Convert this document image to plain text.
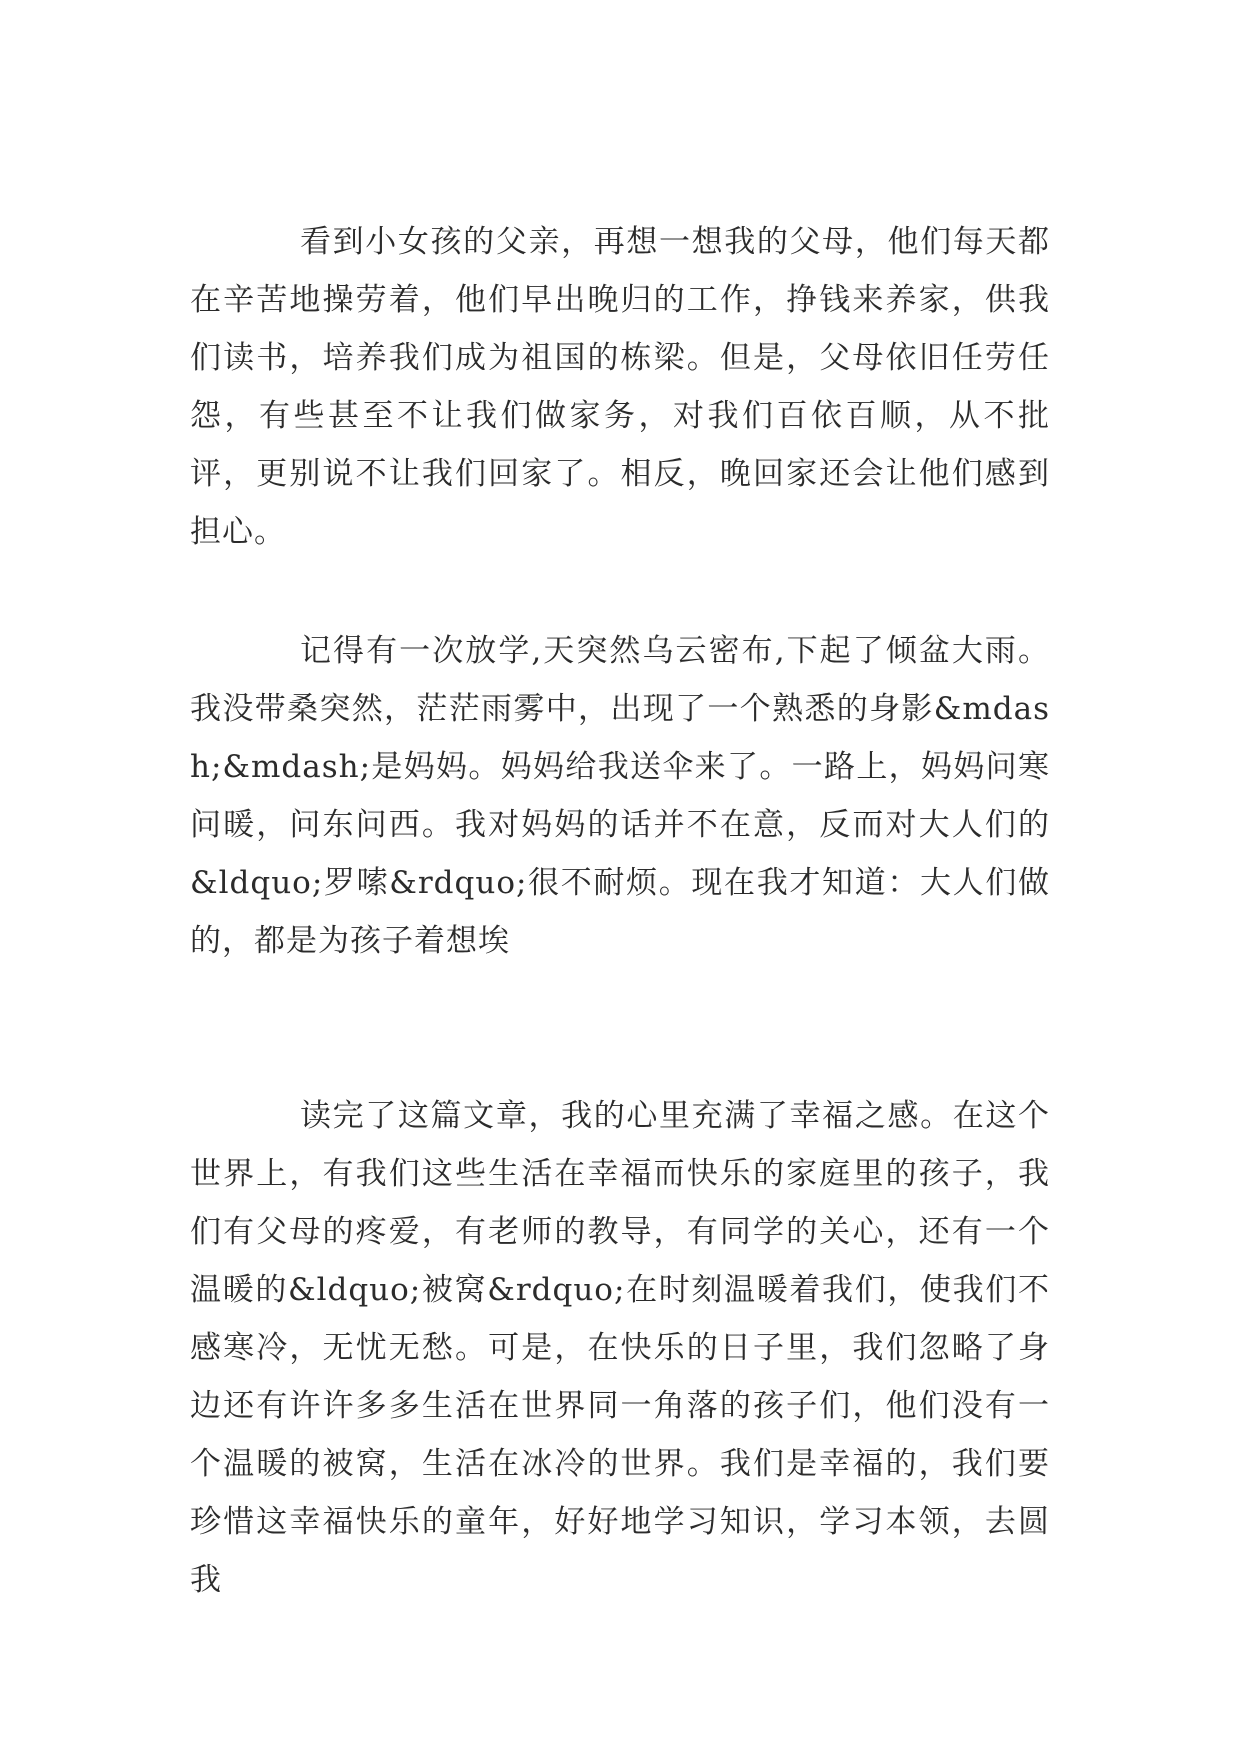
看到小女孩的父亲，再想一想我的父母，他们每天都在辛苦地操劳着，他们早出晚归的工作，挣钱来养家，供我们读书，培养我们成为祖国的栋梁。但是，父母依旧任劳任怨，有些甚至不让我们做家务，对我们百依百顺，从不批评，更别说不让我们回家了。相反，晚回家还会让他们感到担心。

记得有一次放学,天突然乌云密布,下起了倾盆大雨。我没带桑突然，茫茫雨雾中，出现了一个熟悉的身影&mdash;&mdash;是妈妈。妈妈给我送伞来了。一路上，妈妈问寒问暖，问东问西。我对妈妈的话并不在意，反而对大人们的&ldquo;罗嗦&rdquo;很不耐烦。现在我才知道：大人们做的，都是为孩子着想埃

读完了这篇文章，我的心里充满了幸福之感。在这个世界上，有我们这些生活在幸福而快乐的家庭里的孩子，我们有父母的疼爱，有老师的教导，有同学的关心，还有一个温暖的&ldquo;被窝&rdquo;在时刻温暖着我们，使我们不感寒冷，无忧无愁。可是，在快乐的日子里，我们忽略了身边还有许许多多生活在世界同一角落的孩子们，他们没有一个温暖的被窝，生活在冰冷的世界。我们是幸福的，我们要珍惜这幸福快乐的童年，好好地学习知识，学习本领，去圆我
